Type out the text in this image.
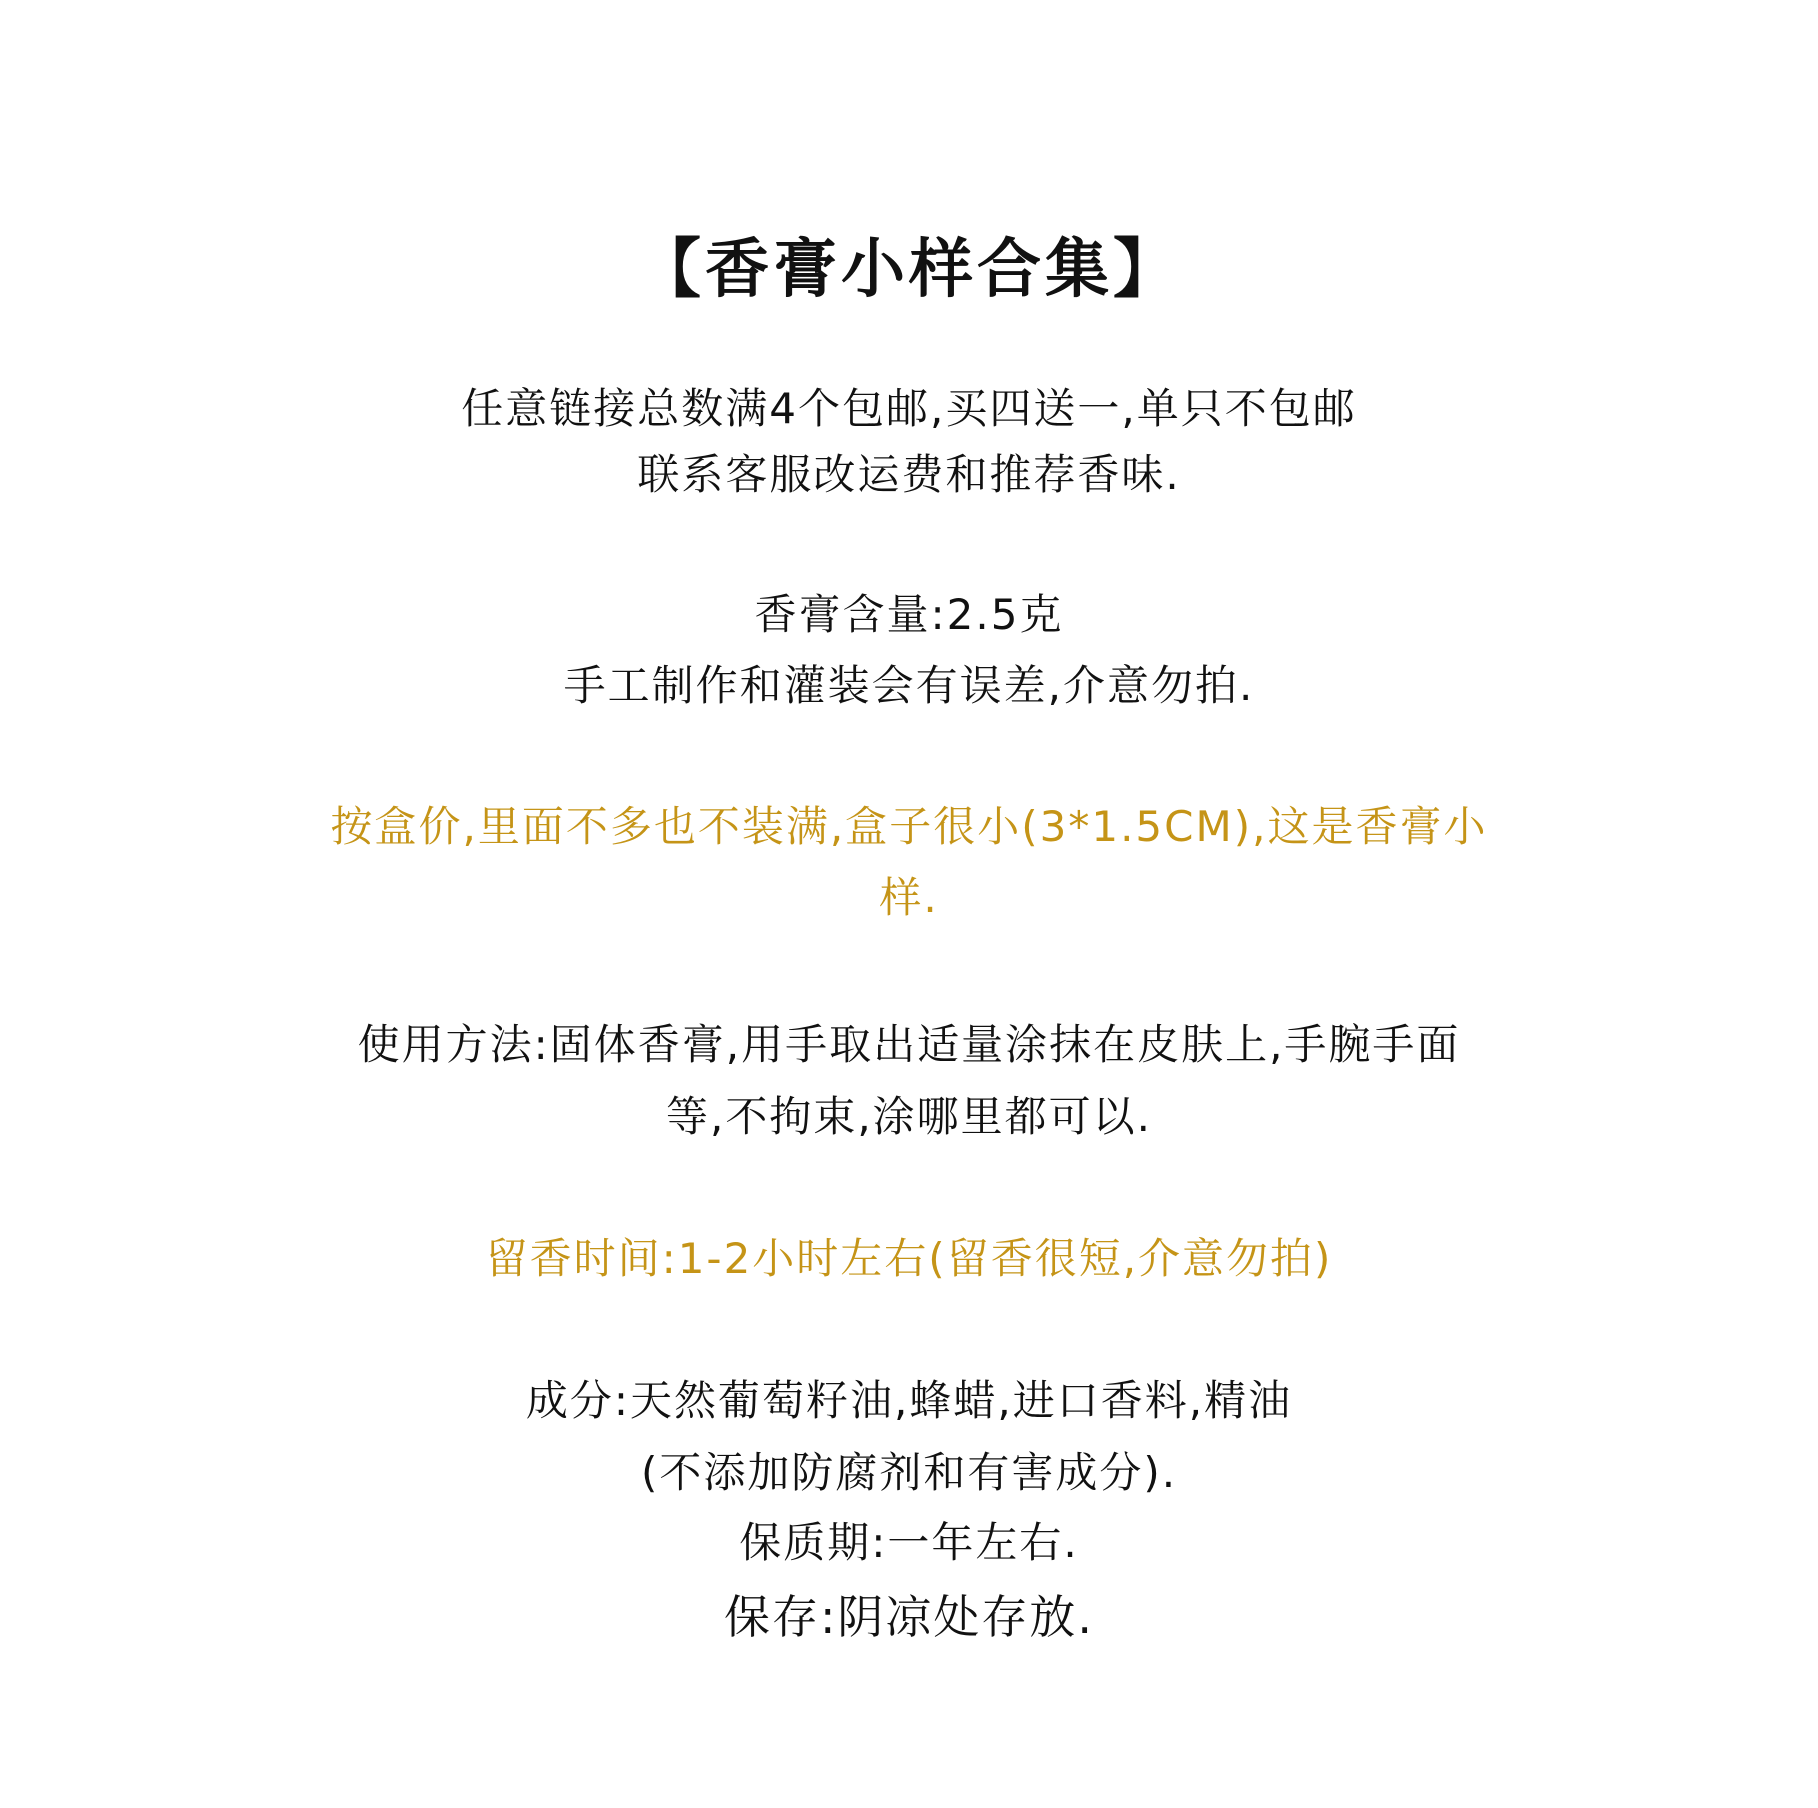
【香膏小样合集】
任意链接总数满4个包邮,买四送一,单只不包邮
联系客服改运费和推荐香味.
香膏含量:2.5克
手工制作和灌装会有误差,介意勿拍.
按盒价,里面不多也不装满,盒子很小(3*1.5CM),这是香膏小
样.
使用方法:固体香膏,用手取出适量涂抹在皮肤上,手腕手面
等,不拘束,涂哪里都可以.
留香时间:1-2小时左右(留香很短,介意勿拍)
成分:天然葡萄籽油,蜂蜡,进口香料,精油
(不添加防腐剂和有害成分).
保质期:一年左右.
保存:阴凉处存放.
